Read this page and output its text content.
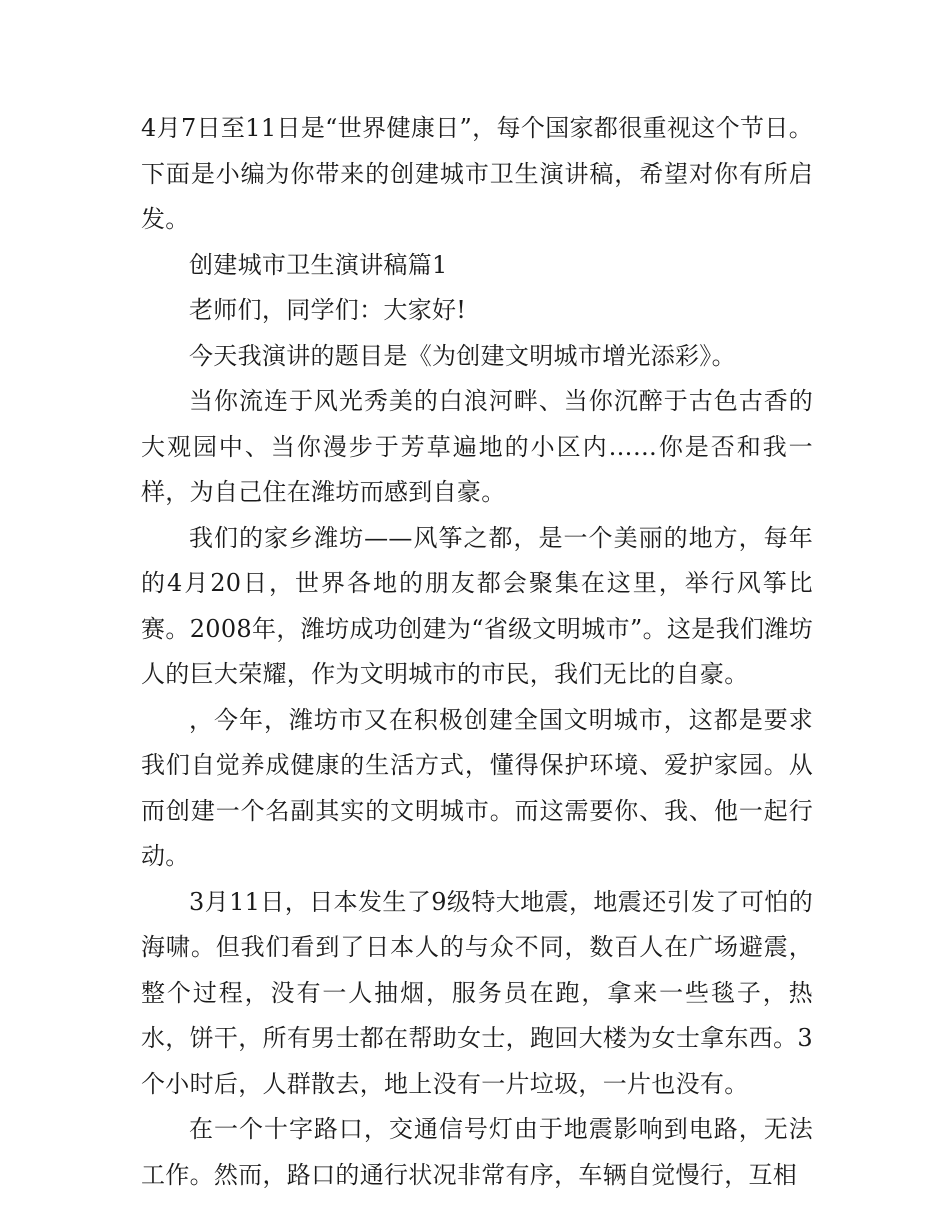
4月7日至11日是“世界健康日”，每个国家都很重视这个节日。下面是小编为你带来的创建城市卫生演讲稿，希望对你有所启发。

创建城市卫生演讲稿篇1

老师们，同学们：大家好!

今天我演讲的题目是《为创建文明城市增光添彩》。

当你流连于风光秀美的白浪河畔、当你沉醉于古色古香的大观园中、当你漫步于芳草遍地的小区内……你是否和我一样，为自己住在潍坊而感到自豪。

我们的家乡潍坊——风筝之都，是一个美丽的地方，每年的4月20日，世界各地的朋友都会聚集在这里，举行风筝比赛。2008年，潍坊成功创建为“省级文明城市”。这是我们潍坊人的巨大荣耀，作为文明城市的市民，我们无比的自豪。

，今年，潍坊市又在积极创建全国文明城市，这都是要求我们自觉养成健康的生活方式，懂得保护环境、爱护家园。从而创建一个名副其实的文明城市。而这需要你、我、他一起行动。

3月11日，日本发生了9级特大地震，地震还引发了可怕的海啸。但我们看到了日本人的与众不同，数百人在广场避震，整个过程，没有一人抽烟，服务员在跑，拿来一些毯子，热水，饼干，所有男士都在帮助女士，跑回大楼为女士拿东西。3个小时后，人群散去，地上没有一片垃圾，一片也没有。

在一个十字路口，交通信号灯由于地震影响到电路，无法工作。然而，路口的通行状况非常有序，车辆自觉慢行，互相
